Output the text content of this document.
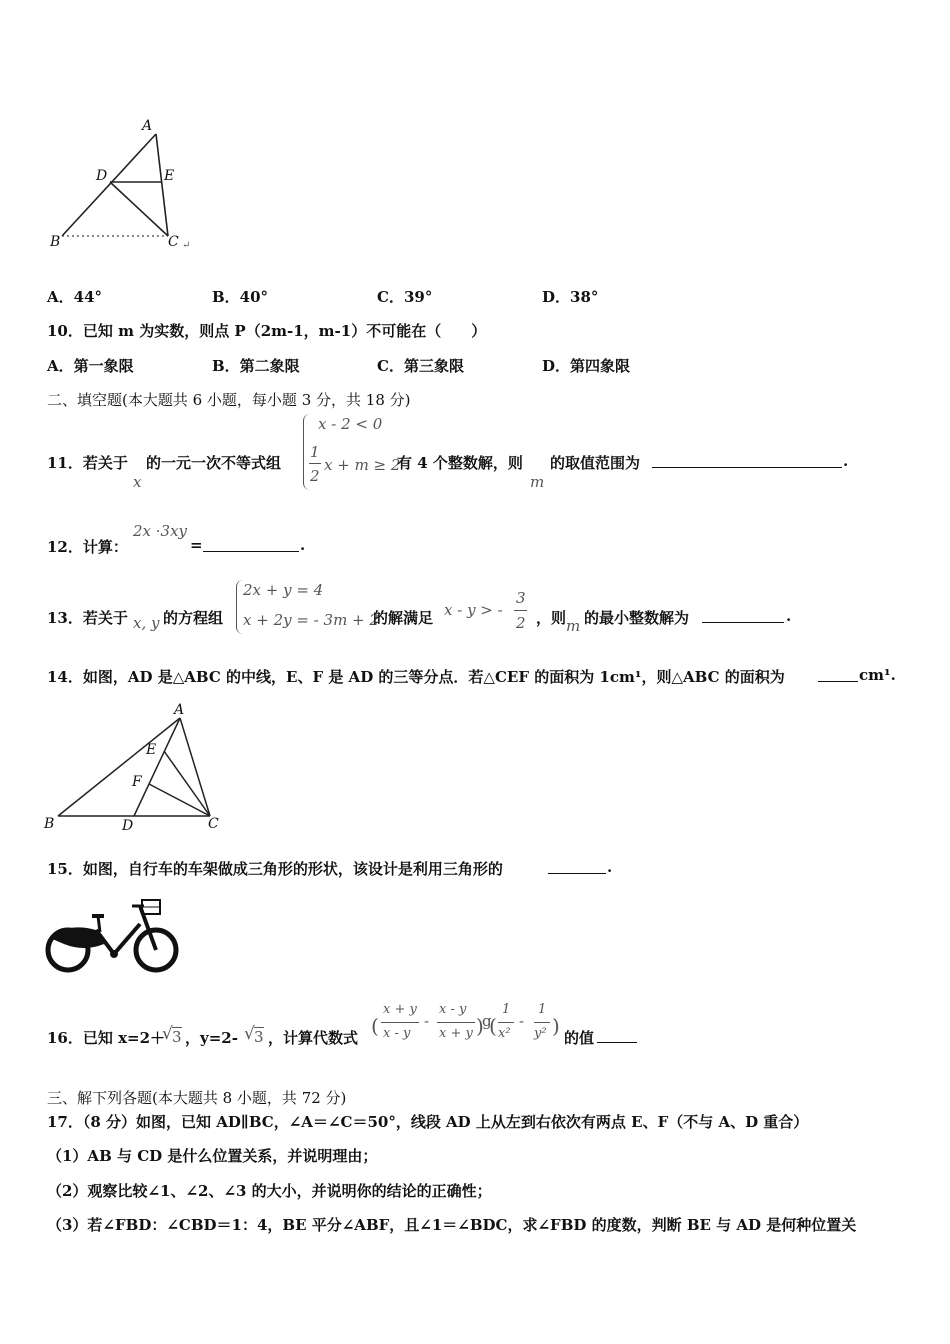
A
D	E
B	C ↵
A．44°	B．40°	C．39°	D．38°
10．已知 m 为实数，则点 P（2m-1，m-1）不可能在（　　）
A．第一象限	B．第二象限	C．第三象限	D．第四象限
二、填空题(本大题共 6 小题，每小题 3 分，共 18 分)
11．若关于
x
的一元一次不等式组
x - 2 < 0
1
2
x + m ≥ 2
有 4 个整数解，则
m
的取值范围为	.
12．计算：
2x ·3xy
=	.
13．若关于 x, y 的方程组
2x + y = 4
x + 2y = - 3m + 2
的解满足 x - y > -
3
2 ，则 m 的最小整数解为	.
14．如图，AD 是△ABC 的中线，E、F 是 AD 的三等分点．若△CEF 的面积为 1cm¹，则△ABC 的面积为	cm¹.
A
E
F
B	D	C
15．如图，自行车的车架做成三角形的形状，该设计是利用三角形的	.
16．已知 x=2＋
√ 3 ，y=2- √ 3 ，计算代数式 (
x + y
x - y
-
x - y
x + y )
g
(
1
x²
-
1
y² ) 的值
三、解下列各题(本大题共 8 小题，共 72 分)
17．（8 分）如图，已知 AD∥BC，∠A＝∠C＝50°，线段 AD 上从左到右依次有两点 E、F（不与 A、D 重合）
（1）AB 与 CD 是什么位置关系，并说明理由；
（2）观察比较∠1、∠2、∠3 的大小，并说明你的结论的正确性；
（3）若∠FBD：∠CBD＝1：4，BE 平分∠ABF，且∠1＝∠BDC，求∠FBD 的度数，判断 BE 与 AD 是何种位置关
